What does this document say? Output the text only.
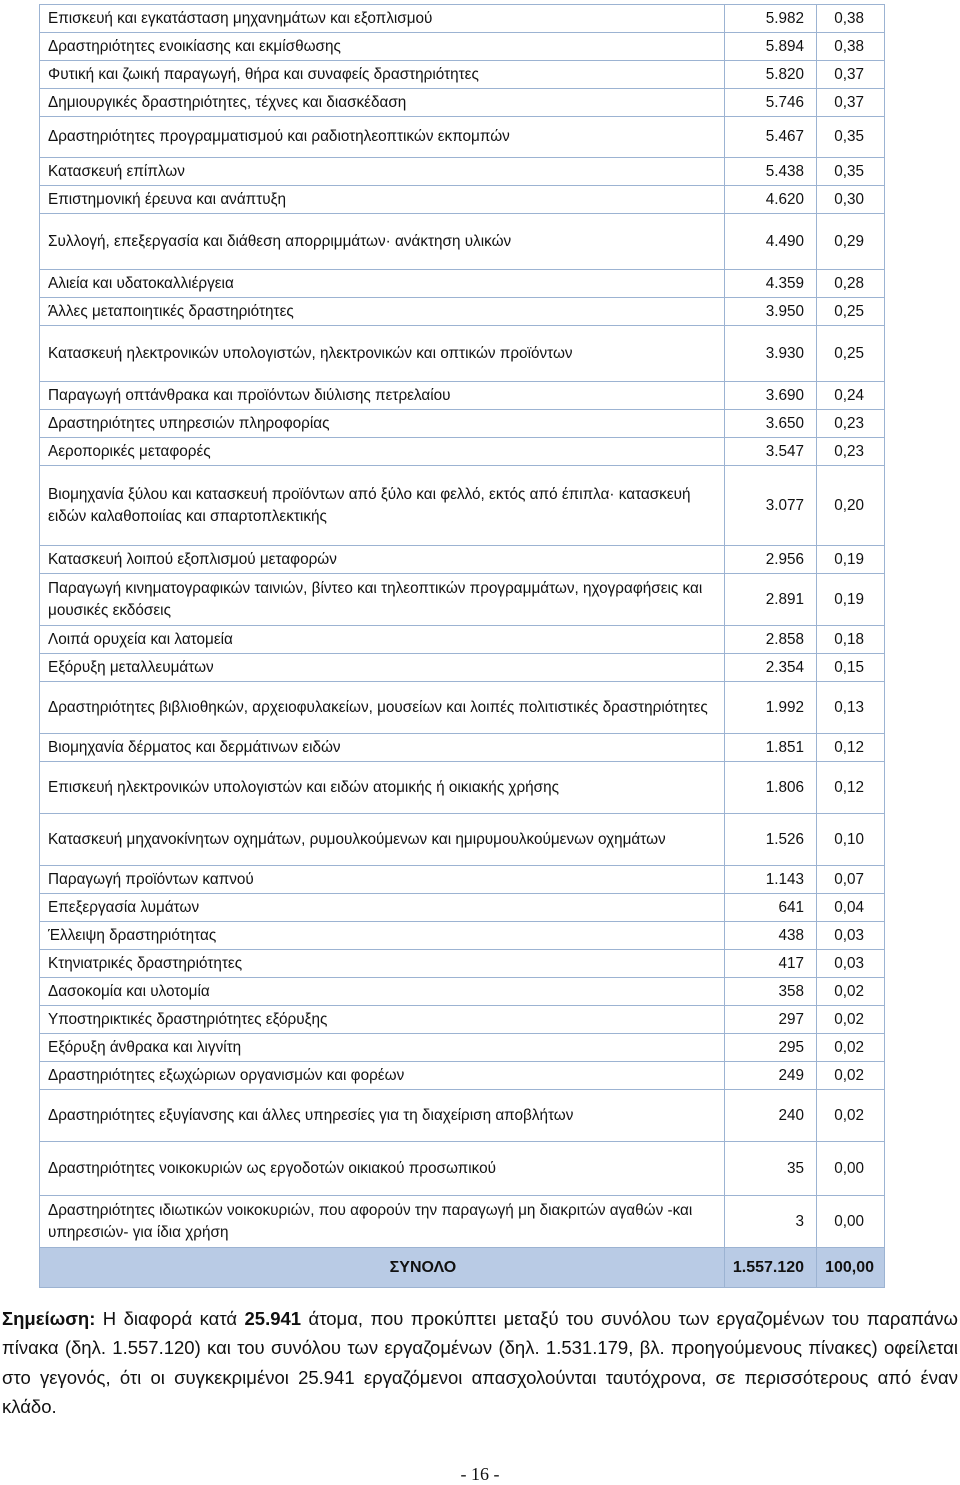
Επισκευή και εγκατάσταση μηχανημάτων και εξοπλισμού	5.982	0,38
Δραστηριότητες ενοικίασης και εκμίσθωσης	5.894	0,38
Φυτική και ζωική παραγωγή, θήρα και συναφείς δραστηριότητες	5.820	0,37
Δημιουργικές δραστηριότητες, τέχνες και διασκέδαση	5.746	0,37
Δραστηριότητες προγραμματισμού και ραδιοτηλεοπτικών εκπομπών	5.467	0,35
Κατασκευή επίπλων	5.438	0,35
Επιστημονική έρευνα και ανάπτυξη	4.620	0,30
Συλλογή, επεξεργασία και διάθεση απορριμμάτων· ανάκτηση υλικών	4.490	0,29
Αλιεία και υδατοκαλλιέργεια	4.359	0,28
Άλλες μεταποιητικές δραστηριότητες	3.950	0,25
Κατασκευή ηλεκτρονικών υπολογιστών, ηλεκτρονικών και οπτικών προϊόντων	3.930	0,25
Παραγωγή οπτάνθρακα και προϊόντων διύλισης πετρελαίου	3.690	0,24
Δραστηριότητες υπηρεσιών πληροφορίας	3.650	0,23
Αεροπορικές μεταφορές	3.547	0,23
Βιομηχανία ξύλου και κατασκευή προϊόντων από ξύλο και φελλό, εκτός από έπιπλα· κατασκευή ειδών καλαθοποιίας και σπαρτοπλεκτικής	3.077	0,20
Κατασκευή λοιπού εξοπλισμού μεταφορών	2.956	0,19
Παραγωγή κινηματογραφικών ταινιών, βίντεο και τηλεοπτικών προγραμμάτων, ηχογραφήσεις και μουσικές εκδόσεις	2.891	0,19
Λοιπά ορυχεία και λατομεία	2.858	0,18
Εξόρυξη μεταλλευμάτων	2.354	0,15
Δραστηριότητες βιβλιοθηκών, αρχειοφυλακείων, μουσείων και λοιπές πολιτιστικές δραστηριότητες	1.992	0,13
Βιομηχανία δέρματος και δερμάτινων ειδών	1.851	0,12
Επισκευή ηλεκτρονικών υπολογιστών και ειδών ατομικής ή οικιακής χρήσης	1.806	0,12
Κατασκευή μηχανοκίνητων οχημάτων, ρυμουλκούμενων και ημιρυμουλκούμενων οχημάτων	1.526	0,10
Παραγωγή προϊόντων καπνού	1.143	0,07
Επεξεργασία λυμάτων	641	0,04
Έλλειψη δραστηριότητας	438	0,03
Κτηνιατρικές δραστηριότητες	417	0,03
Δασοκομία και υλοτομία	358	0,02
Υποστηρικτικές δραστηριότητες εξόρυξης	297	0,02
Εξόρυξη άνθρακα και λιγνίτη	295	0,02
Δραστηριότητες εξωχώριων οργανισμών και φορέων	249	0,02
Δραστηριότητες εξυγίανσης και άλλες υπηρεσίες για τη διαχείριση αποβλήτων	240	0,02
Δραστηριότητες νοικοκυριών ως εργοδοτών οικιακού προσωπικού	35	0,00
Δραστηριότητες ιδιωτικών νοικοκυριών, που αφορούν την παραγωγή μη διακριτών αγαθών -και υπηρεσιών- για ίδια χρήση	3	0,00
ΣΥΝΟΛΟ	1.557.120	100,00
Σημείωση: Η διαφορά κατά 25.941 άτομα, που προκύπτει μεταξύ του συνόλου των εργαζομένων του παραπάνω πίνακα (δηλ. 1.557.120) και του συνόλου των εργαζομένων (δηλ. 1.531.179, βλ. προηγούμενους πίνακες) οφείλεται στο γεγονός, ότι οι συγκεκριμένοι 25.941 εργαζόμενοι απασχολούνται ταυτόχρονα, σε περισσότερους από έναν κλάδο.
- 16 -
